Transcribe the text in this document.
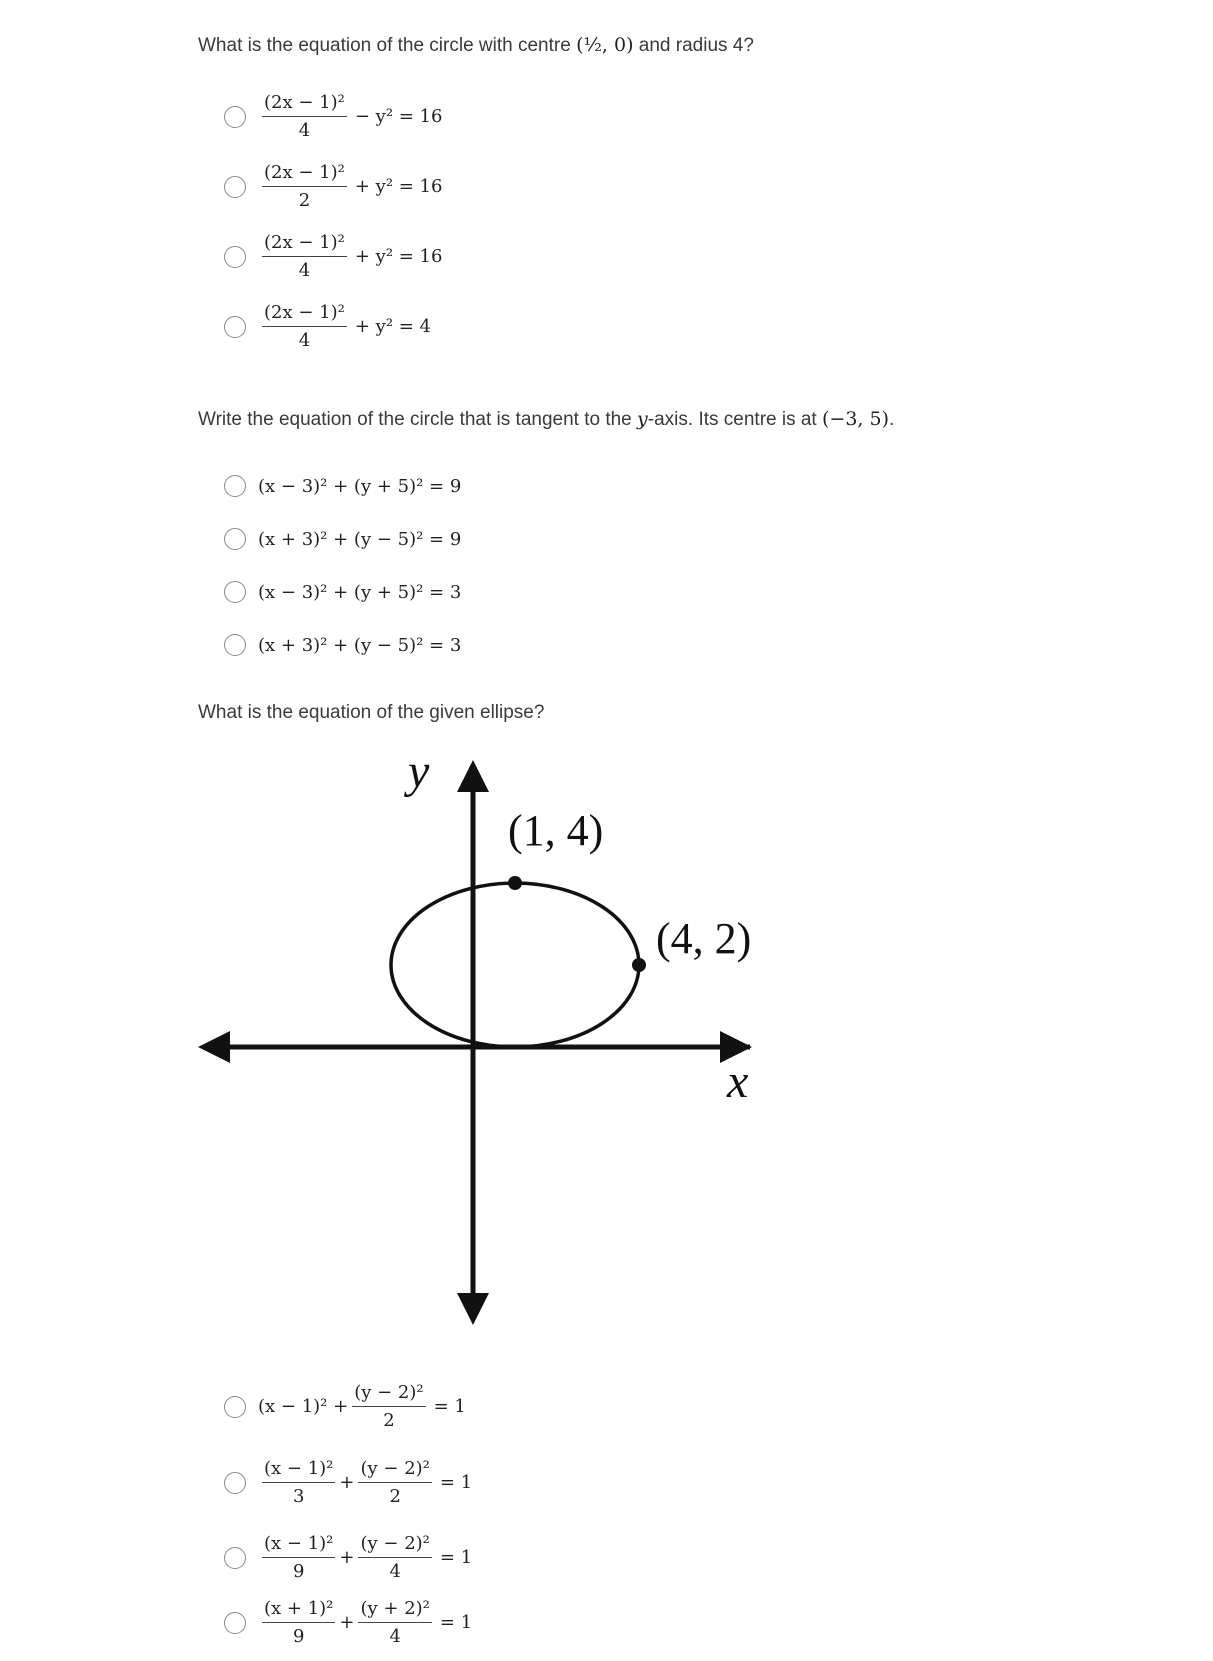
What is the equation of the circle with centre (½, 0) and radius 4?
$\frac{\text{(2x − 1)²}}{4} - y^2 = 16$
$\frac{\text{(2x − 1)²}}{2} + y^2 = 16$
$\frac{\text{(2x − 1)²}}{4} + y^2 = 16$
$\frac{\text{(2x − 1)²}}{4} + y^2 = 4$
Write the equation of the circle that is tangent to the y-axis. Its centre is at (−3, 5).
(x − 3)² + (y + 5)² = 9
(x + 3)² + (y − 5)² = 9
(x − 3)² + (y + 5)² = 3
(x + 3)² + (y − 5)² = 3
What is the equation of the given ellipse?
y
x
(1, 4)
(4, 2)
$(x - 1)^2 + \frac{\text{(y − 2)²}}{2} = 1$
$\frac{\text{(x − 1)²}}{3} + \frac{\text{(y − 2)²}}{2} = 1$
$\frac{\text{(x − 1)²}}{9} + \frac{\text{(y − 2)²}}{4} = 1$
$\frac{\text{(x + 1)²}}{9} + \frac{\text{(y + 2)²}}{4} = 1$
